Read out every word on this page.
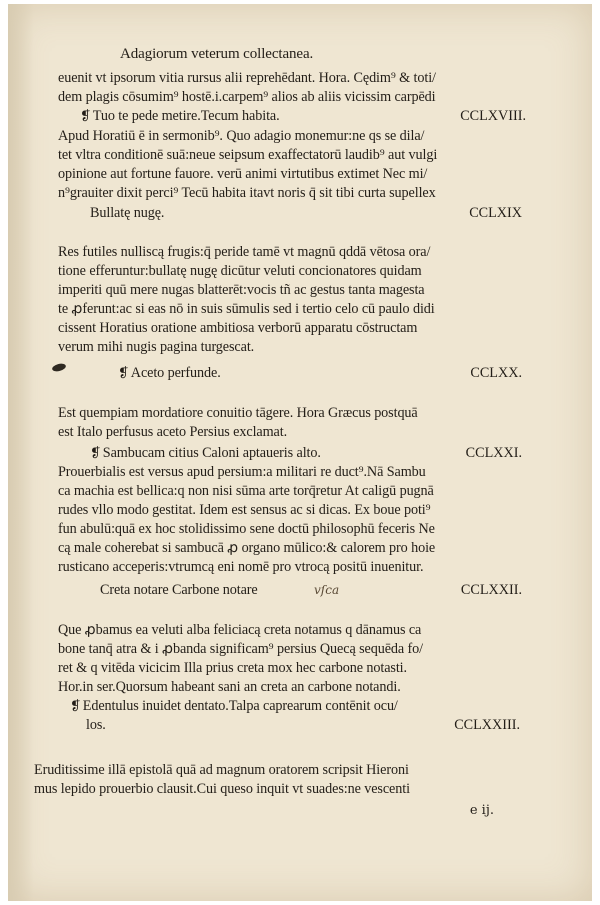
Adagiorum veterum collectanea.
euenit vt ipsorum vitia rursus alii reprehēdant. Hora. Cędim⁹ & toti/
dem plagis cōsumim⁹ hostē.i.carpem⁹ alios ab aliis vicissim carpēdi
❡ Tuo te pede metire.Tecum habita.	CCLXVIII.
Apud Horatiū ē in sermonib⁹. Quo adagio monemur:ne qs se dila/
tet vltra conditionē suā:neue seipsum exaffectatorū laudib⁹ aut vulgi
opinione aut fortune fauore. verū animi virtutibus extimet Nec mi/
n⁹grauiter dixit perci⁹ Tecū habita itavt noris q̄ sit tibi curta supellex
Bullatę nugę.	CCLXIX
Res futiles nulliscą frugis:q̄ peride tamē vt magnū qddā vētosa ora/
tione efferuntur:bullatę nugę dicūtur veluti concionatores quidam
imperiti quū mere nugas blatterēt:vocis tñ ac gestus tanta magesta
te ꝓferunt:ac si eas nō in suis sūmulis sed i tertio celo cū paulo didi
cissent Horatius oratione ambitiosa verborū apparatu cōstructam
verum mihi nugis pagina turgescat.
❡ Aceto perfunde.	CCLXX.
Est quempiam mordatiore conuitio tāgere. Hora Græcus postquā
est Italo perfusus aceto Persius exclamat.
❡ Sambucam citius Caloni aptaueris alto.	CCLXXI.
Prouerbialis est versus apud persium:a militari re duct⁹.Nā Sambu
ca machia est bellica:q non nisi sūma arte torq̄retur At caligū pugnā
rudes vllo modo gestitat. Idem est sensus ac si dicas. Ex boue poti⁹
fun abulū:quā ex hoc stolidissimo sene doctū philosophū feceris Ne
cą male coherebat si sambucā ꝓ organo mūlico:& calorem pro hoie
rusticano acceperis:vtrumcą eni nomē pro vtrocą positū inuenitur.
Creta notare Carbone notare	vſca	CCLXXII.
Que ꝓbamus ea veluti alba feliciacą creta notamus q dānamus ca
bone tanq̄ atra & i ꝓbanda significam⁹ persius Quecą sequēda fo/
ret & q vitēda vicicim Illa prius creta mox hec carbone notasti.
Hor.in ser.Quorsum habeant sani an creta an carbone notandi.
❡ Edentulus inuidet dentato.Talpa caprearum contēnit ocu/
los.	CCLXXIII.
Eruditissime illā epistolā quā ad magnum oratorem scripsit Hieroni
mus lepido prouerbio clausit.Cui queso inquit vt suades:ne vescenti
e ij.
